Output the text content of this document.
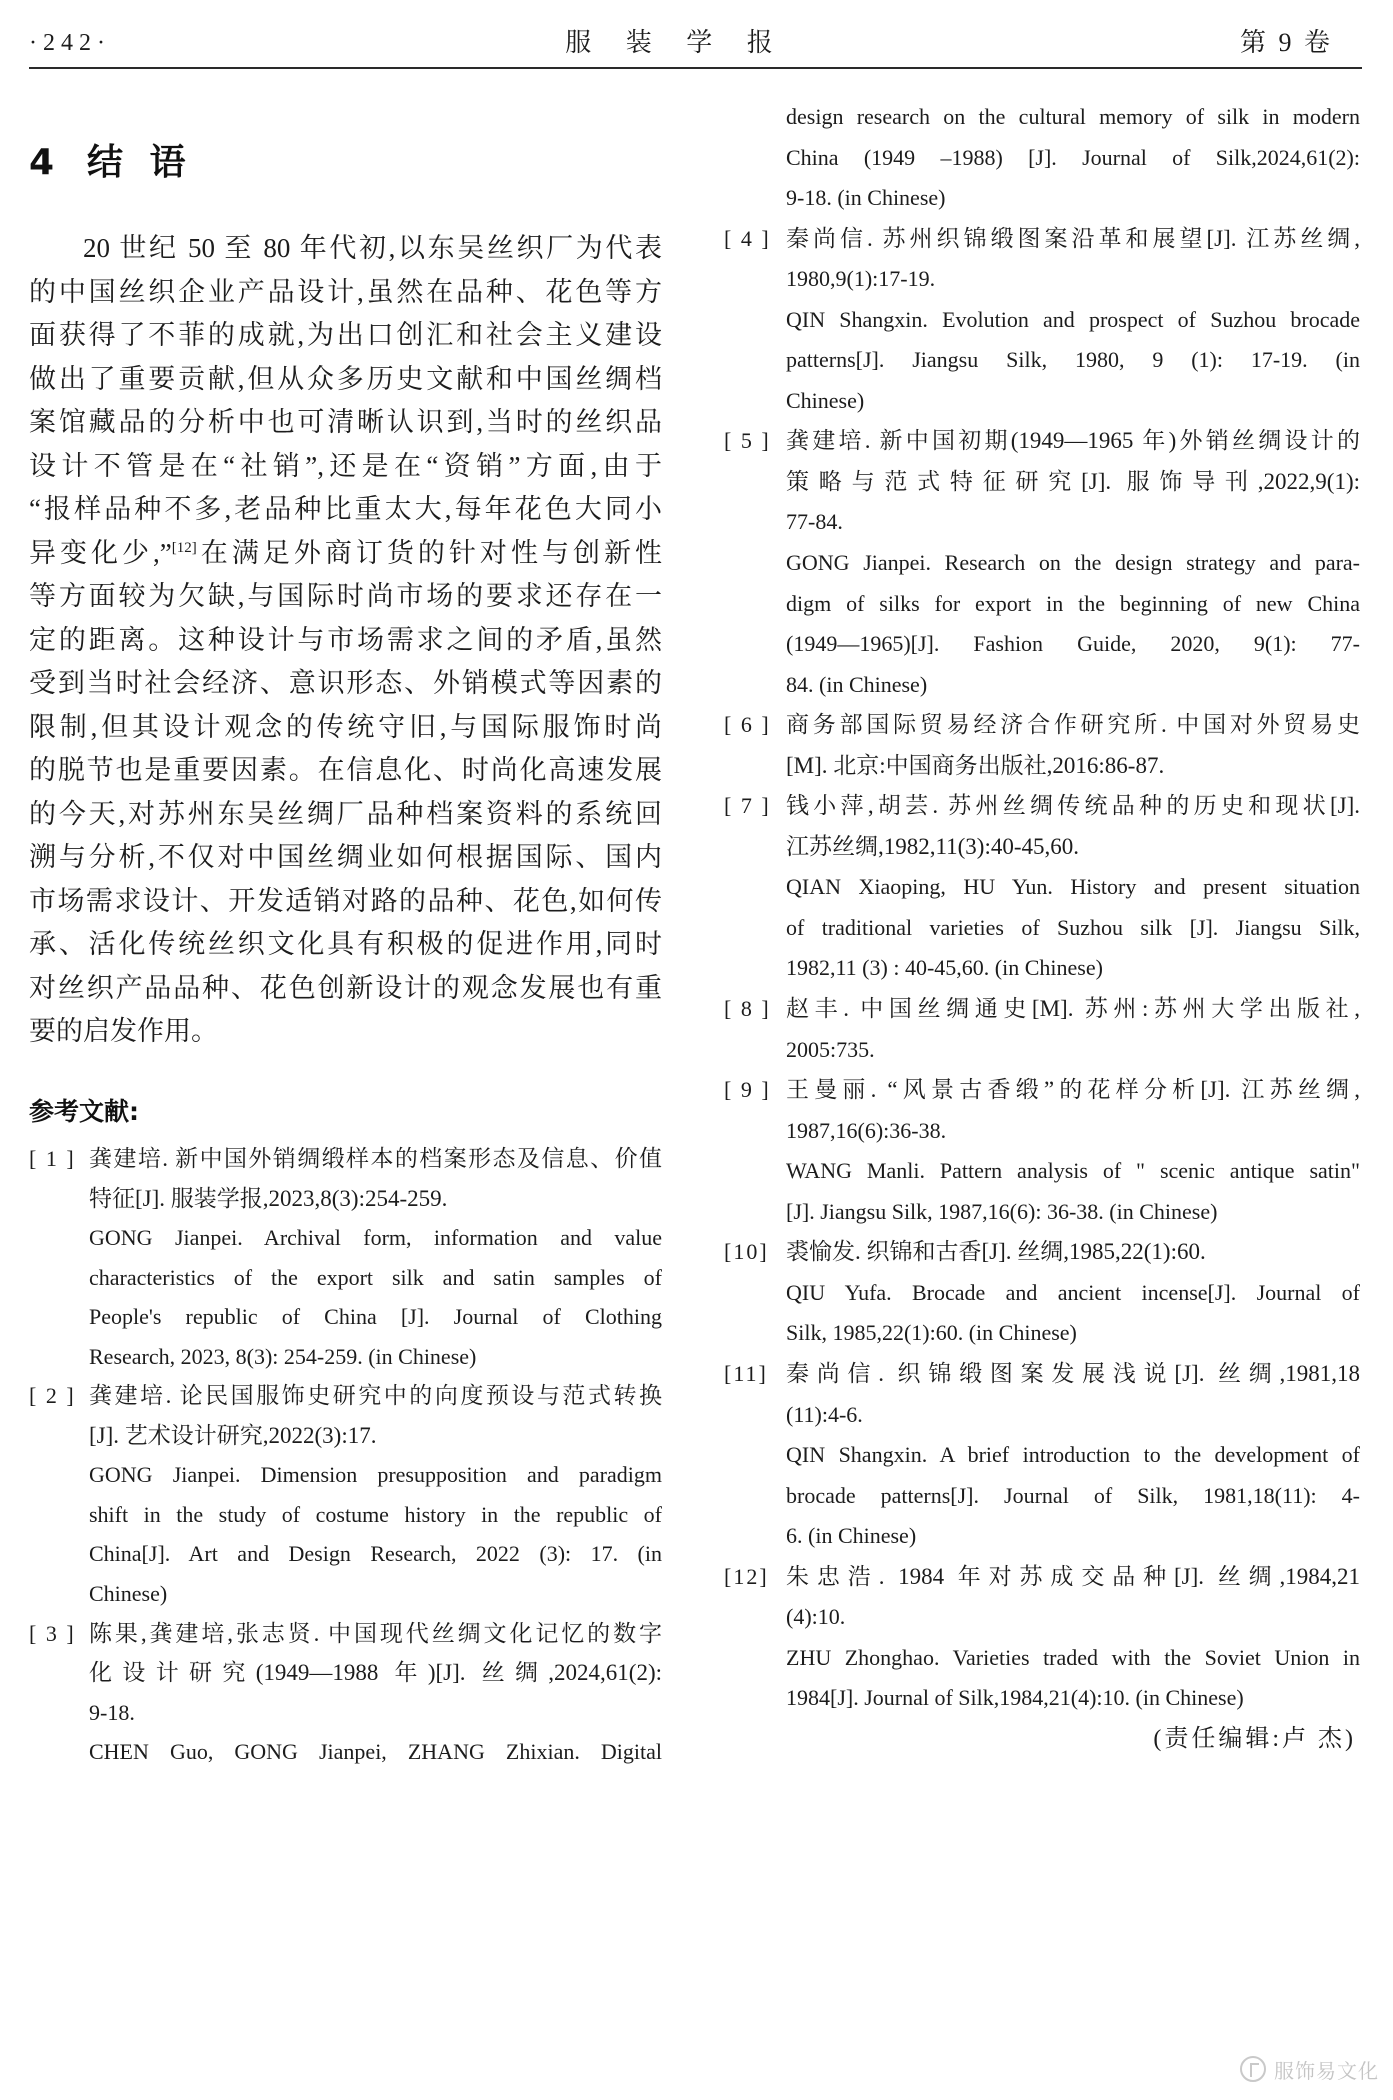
·242·	服 装 学 报	第 9 卷
4 结 语
20 世纪 50 至 80 年代初,以东吴丝织厂为代表
的中国丝织企业产品设计,虽然在品种、花色等方
面获得了不菲的成就,为出口创汇和社会主义建设
做出了重要贡献,但从众多历史文献和中国丝绸档
案馆藏品的分析中也可清晰认识到,当时的丝织品
设计不管是在“社销”,还是在“资销”方面,由于
“报样品种不多,老品种比重太大,每年花色大同小
异变化少,”[12]在满足外商订货的针对性与创新性
等方面较为欠缺,与国际时尚市场的要求还存在一
定的距离。这种设计与市场需求之间的矛盾,虽然
受到当时社会经济、意识形态、外销模式等因素的
限制,但其设计观念的传统守旧,与国际服饰时尚
的脱节也是重要因素。在信息化、时尚化高速发展
的今天,对苏州东吴丝绸厂品种档案资料的系统回
溯与分析,不仅对中国丝绸业如何根据国际、国内
市场需求设计、开发适销对路的品种、花色,如何传
承、活化传统丝织文化具有积极的促进作用,同时
对丝织产品品种、花色创新设计的观念发展也有重
要的启发作用。
参考文献:
[ 1 ] 龚建培. 新中国外销绸缎样本的档案形态及信息、价值
特征[J]. 服装学报,2023,8(3):254-259.
GONG Jianpei. Archival form, information and value
characteristics of the export silk and satin samples of
People's republic of China [J]. Journal of Clothing
Research, 2023, 8(3): 254-259. (in Chinese)
[ 2 ] 龚建培. 论民国服饰史研究中的向度预设与范式转换
[J]. 艺术设计研究,2022(3):17.
GONG Jianpei. Dimension presupposition and paradigm
shift in the study of costume history in the republic of
China[J]. Art and Design Research, 2022 (3): 17. (in
Chinese)
[ 3 ] 陈果,龚建培,张志贤. 中国现代丝绸文化记忆的数字
化设计研究(1949—1988 年)[J]. 丝绸,2024,61(2):
9-18.
CHEN Guo, GONG Jianpei, ZHANG Zhixian. Digital
design research on the cultural memory of silk in modern
China (1949 –1988) [J]. Journal of Silk,2024,61(2):
9-18. (in Chinese)
[ 4 ] 秦尚信. 苏州织锦缎图案沿革和展望[J]. 江苏丝绸,
1980,9(1):17-19.
QIN Shangxin. Evolution and prospect of Suzhou brocade
patterns[J]. Jiangsu Silk, 1980, 9 (1): 17-19. (in
Chinese)
[ 5 ] 龚建培. 新中国初期(1949—1965 年)外销丝绸设计的
策略与范式特征研究[J]. 服饰导刊,2022,9(1):
77-84.
GONG Jianpei. Research on the design strategy and para-
digm of silks for export in the beginning of new China
(1949—1965)[J]. Fashion Guide, 2020, 9(1): 77-
84. (in Chinese)
[ 6 ] 商务部国际贸易经济合作研究所. 中国对外贸易史
[M]. 北京:中国商务出版社,2016:86-87.
[ 7 ] 钱小萍,胡芸. 苏州丝绸传统品种的历史和现状[J].
江苏丝绸,1982,11(3):40-45,60.
QIAN Xiaoping, HU Yun. History and present situation
of traditional varieties of Suzhou silk [J]. Jiangsu Silk,
1982,11 (3) : 40-45,60. (in Chinese)
[ 8 ] 赵丰. 中国丝绸通史[M]. 苏州:苏州大学出版社,
2005:735.
[ 9 ] 王曼丽. “风景古香缎”的花样分析[J]. 江苏丝绸,
1987,16(6):36-38.
WANG Manli. Pattern analysis of " scenic antique satin"
[J]. Jiangsu Silk, 1987,16(6): 36-38. (in Chinese)
[10] 裘愉发. 织锦和古香[J]. 丝绸,1985,22(1):60.
QIU Yufa. Brocade and ancient incense[J]. Journal of
Silk, 1985,22(1):60. (in Chinese)
[11] 秦尚信. 织锦缎图案发展浅说[J]. 丝绸,1981,18
(11):4-6.
QIN Shangxin. A brief introduction to the development of
brocade patterns[J]. Journal of Silk, 1981,18(11): 4-
6. (in Chinese)
[12] 朱忠浩. 1984 年对苏成交品种[J]. 丝绸,1984,21
(4):10.
ZHU Zhonghao. Varieties traded with the Soviet Union in
1984[J]. Journal of Silk,1984,21(4):10. (in Chinese)
(责任编辑:卢 杰)
服饰易文化
